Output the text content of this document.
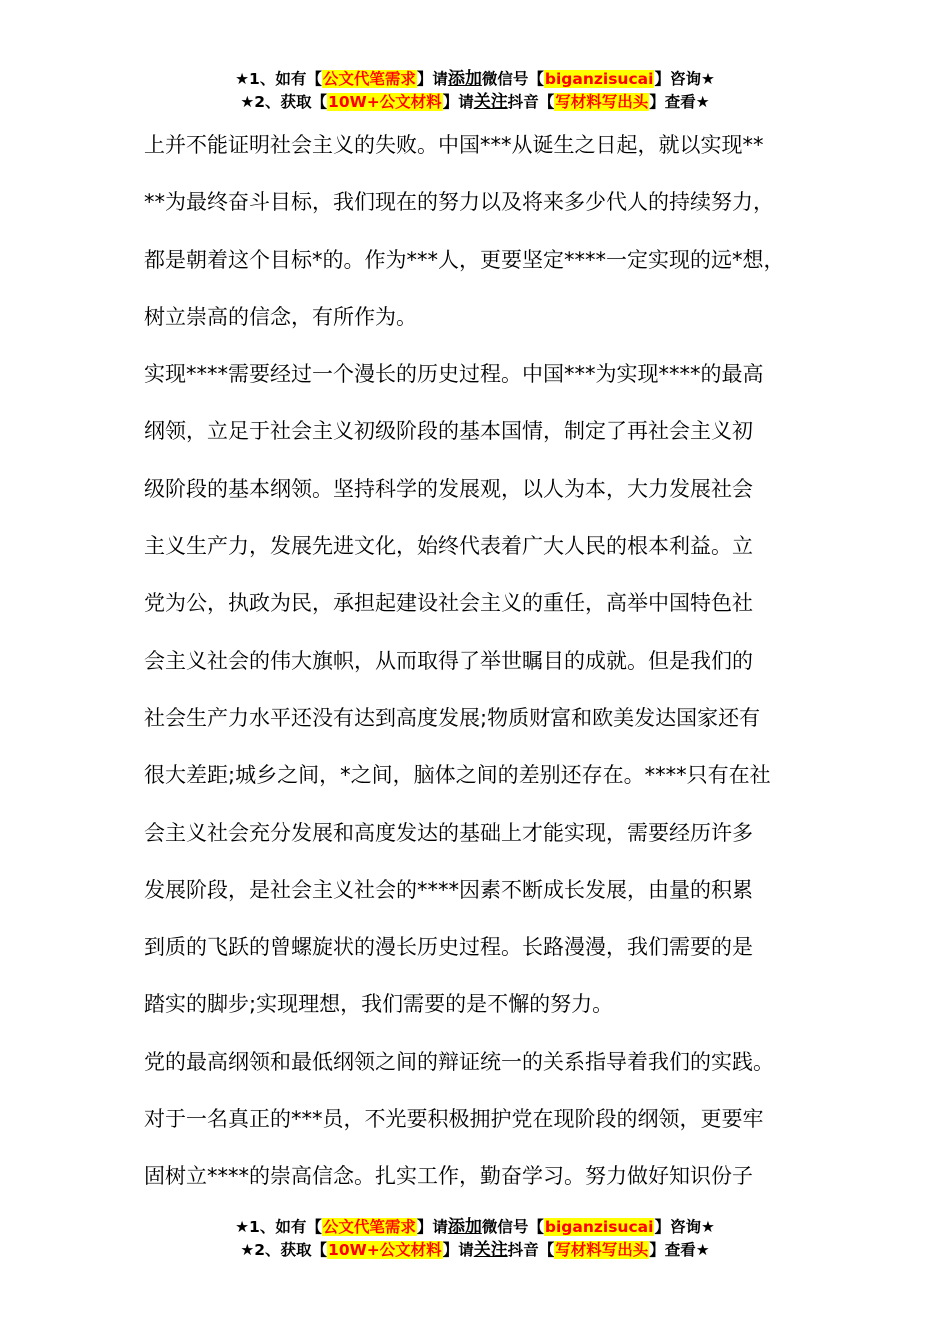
★1、如有【公文代笔需求】请添加微信号【biganzisucai】咨询★
★2、获取【10W+公文材料】请关注抖音【写材料写出头】查看★
上并不能证明社会主义的失败。中国***从诞生之日起，就以实现**
**为最终奋斗目标，我们现在的努力以及将来多少代人的持续努力，
都是朝着这个目标*的。作为***人，更要坚定****一定实现的远*想，
树立崇高的信念，有所作为。
实现****需要经过一个漫长的历史过程。中国***为实现****的最高
纲领，立足于社会主义初级阶段的基本国情，制定了再社会主义初
级阶段的基本纲领。坚持科学的发展观，以人为本，大力发展社会
主义生产力，发展先进文化，始终代表着广大人民的根本利益。立
党为公，执政为民，承担起建设社会主义的重任，高举中国特色社
会主义社会的伟大旗帜，从而取得了举世瞩目的成就。但是我们的
社会生产力水平还没有达到高度发展;物质财富和欧美发达国家还有
很大差距;城乡之间，*之间，脑体之间的差别还存在。****只有在社
会主义社会充分发展和高度发达的基础上才能实现，需要经历许多
发展阶段，是社会主义社会的****因素不断成长发展，由量的积累
到质的飞跃的曾螺旋状的漫长历史过程。长路漫漫，我们需要的是
踏实的脚步;实现理想，我们需要的是不懈的努力。
党的最高纲领和最低纲领之间的辩证统一的关系指导着我们的实践。
对于一名真正的***员，不光要积极拥护党在现阶段的纲领，更要牢
固树立****的崇高信念。扎实工作，勤奋学习。努力做好知识份子
★1、如有【公文代笔需求】请添加微信号【biganzisucai】咨询★
★2、获取【10W+公文材料】请关注抖音【写材料写出头】查看★
